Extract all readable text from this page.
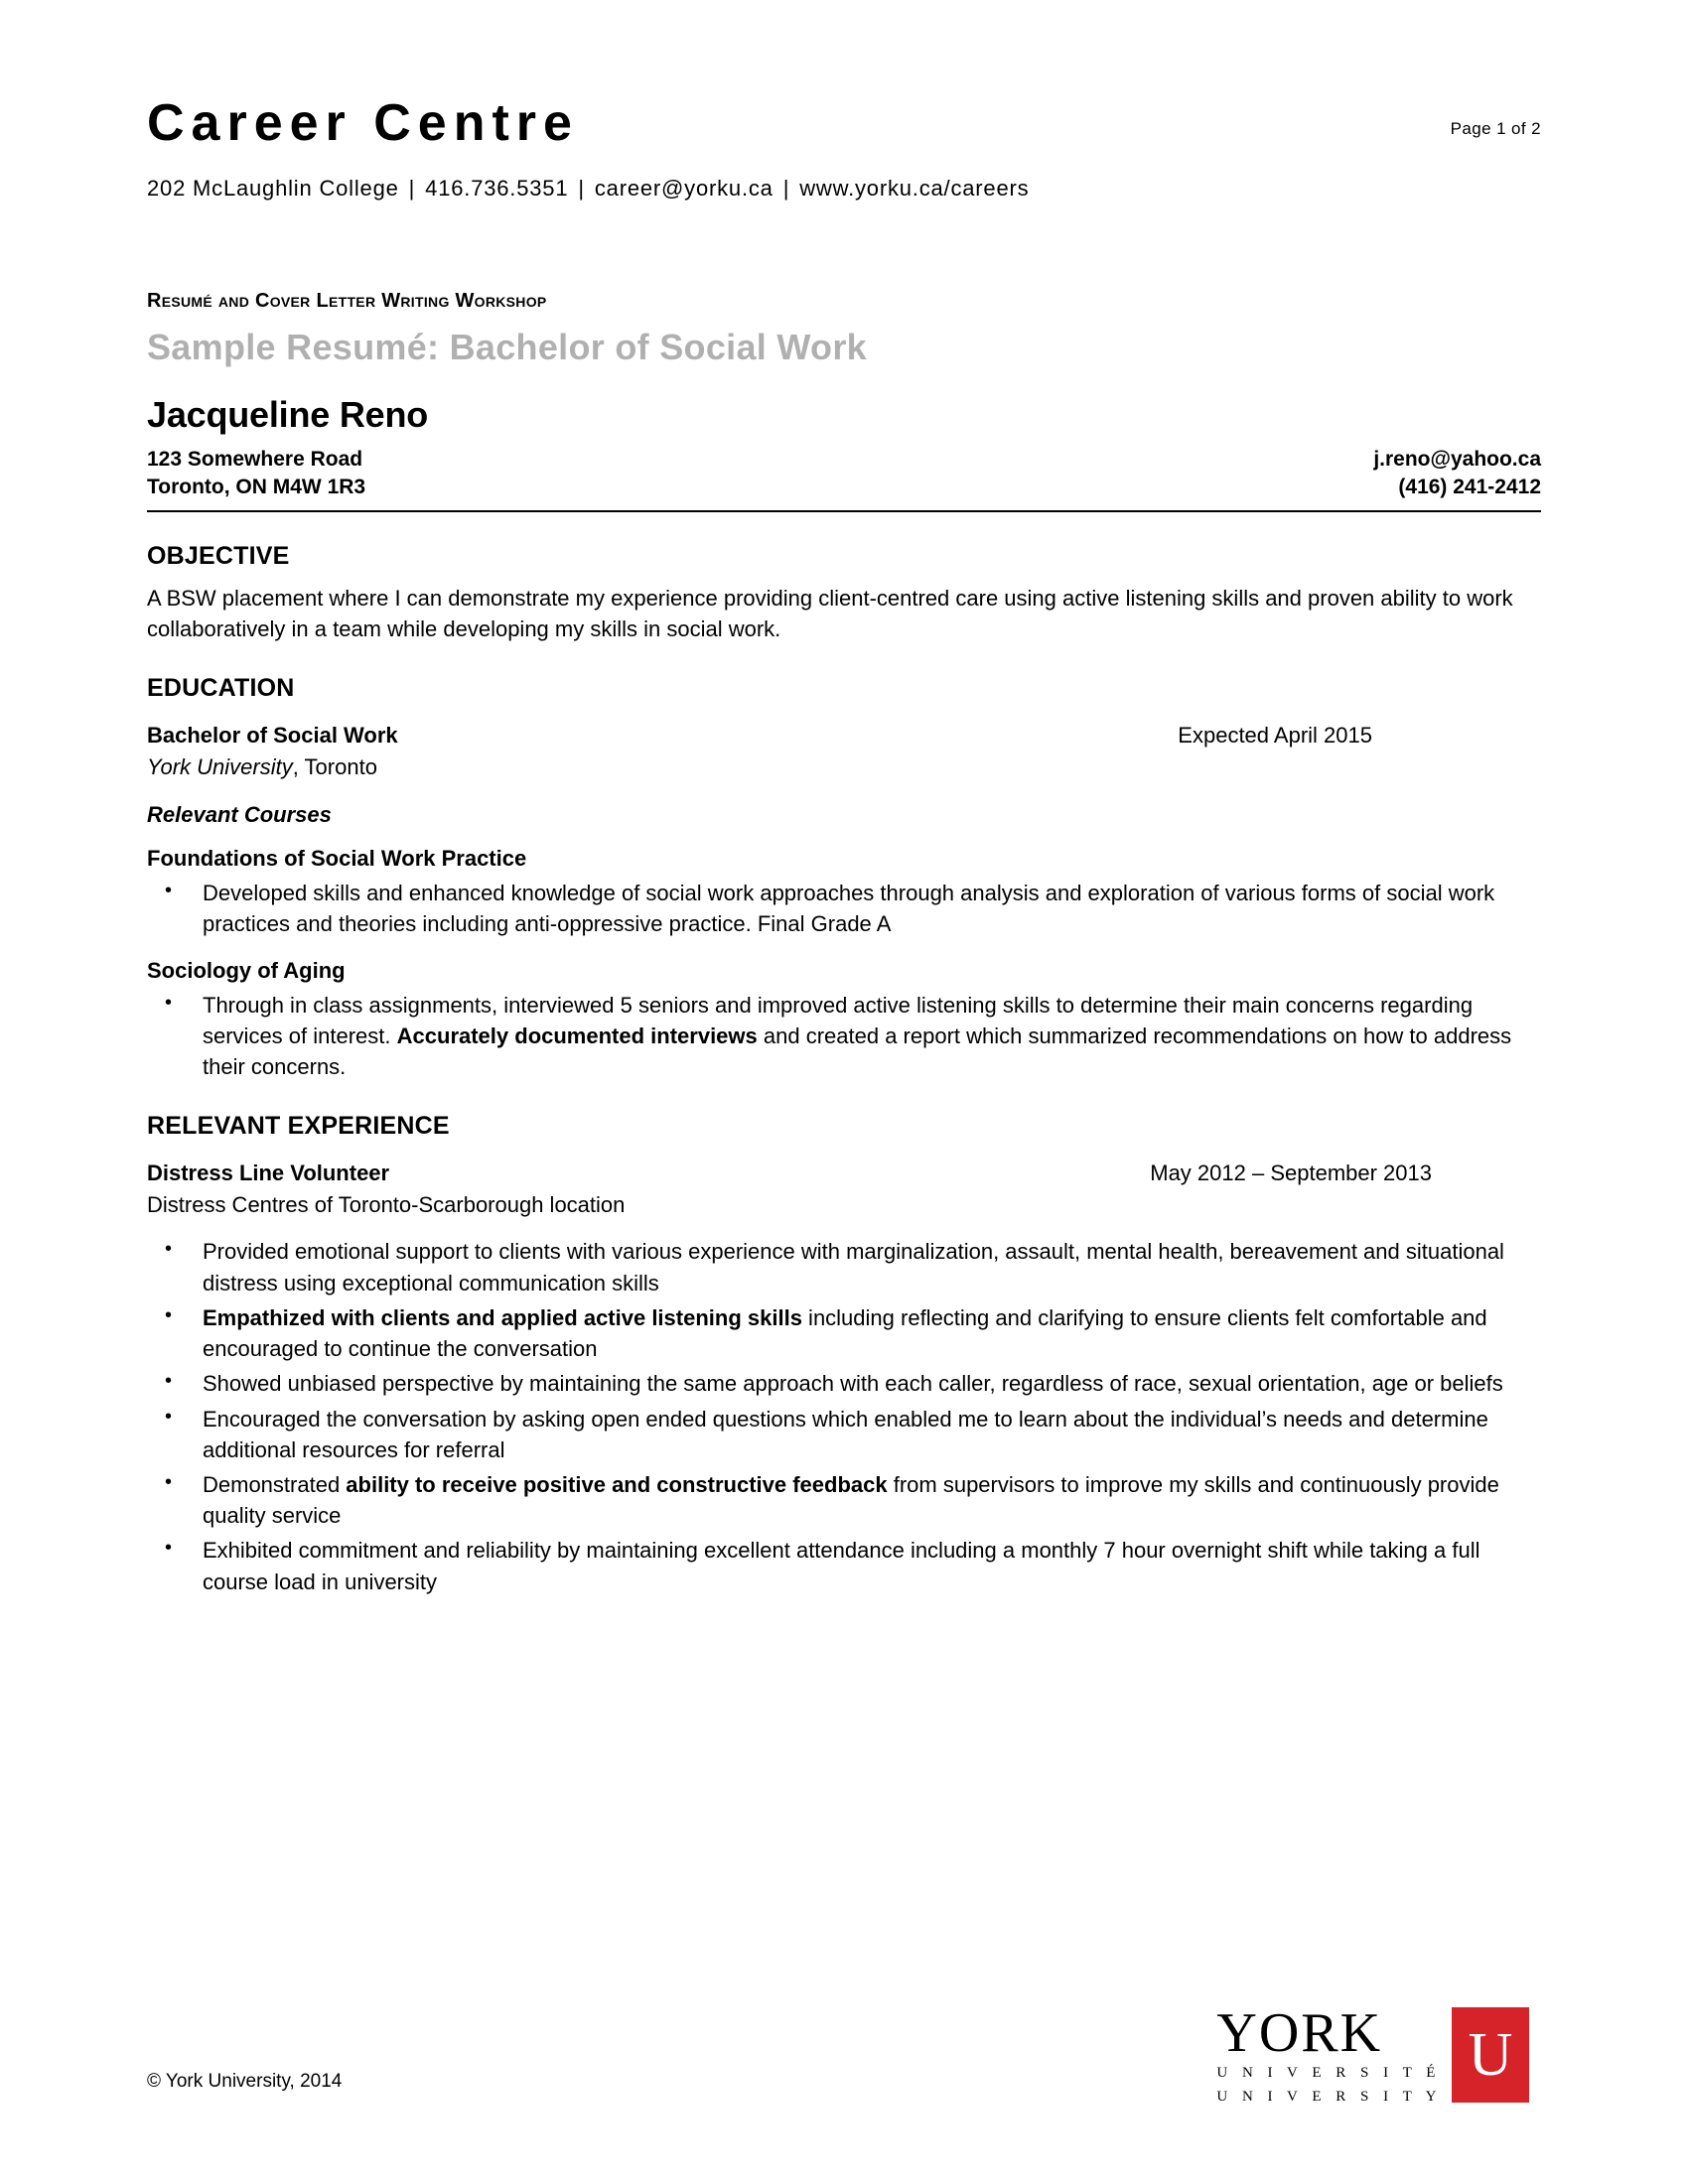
Career Centre	Page 1 of 2
202 McLaughlin College | 416.736.5351 | career@yorku.ca | www.yorku.ca/careers
Resumé and Cover Letter Writing Workshop
Sample Resumé: Bachelor of Social Work
Jacqueline Reno
123 Somewhere Road
Toronto, ON M4W 1R3
j.reno@yahoo.ca
(416) 241-2412
OBJECTIVE
A BSW placement where I can demonstrate my experience providing client-centred care using active listening skills and proven ability to work collaboratively in a team while developing my skills in social work.
EDUCATION
Bachelor of Social Work	Expected April 2015
York University, Toronto
Relevant Courses
Foundations of Social Work Practice
• Developed skills and enhanced knowledge of social work approaches through analysis and exploration of various forms of social work practices and theories including anti-oppressive practice. Final Grade A
Sociology of Aging
• Through in class assignments, interviewed 5 seniors and improved active listening skills to determine their main concerns regarding services of interest. Accurately documented interviews and created a report which summarized recommendations on how to address their concerns.
RELEVANT EXPERIENCE
Distress Line Volunteer	May 2012 – September 2013
Distress Centres of Toronto-Scarborough location
• Provided emotional support to clients with various experience with marginalization, assault, mental health, bereavement and situational distress using exceptional communication skills
• Empathized with clients and applied active listening skills including reflecting and clarifying to ensure clients felt comfortable and encouraged to continue the conversation
• Showed unbiased perspective by maintaining the same approach with each caller, regardless of race, sexual orientation, age or beliefs
• Encouraged the conversation by asking open ended questions which enabled me to learn about the individual’s needs and determine additional resources for referral
• Demonstrated ability to receive positive and constructive feedback from supervisors to improve my skills and continuously provide quality service
• Exhibited commitment and reliability by maintaining excellent attendance including a monthly 7 hour overnight shift while taking a full course load in university
© York University, 2014
YORK
U N I V E R S I T É
U N I V E R S I T Y
U
